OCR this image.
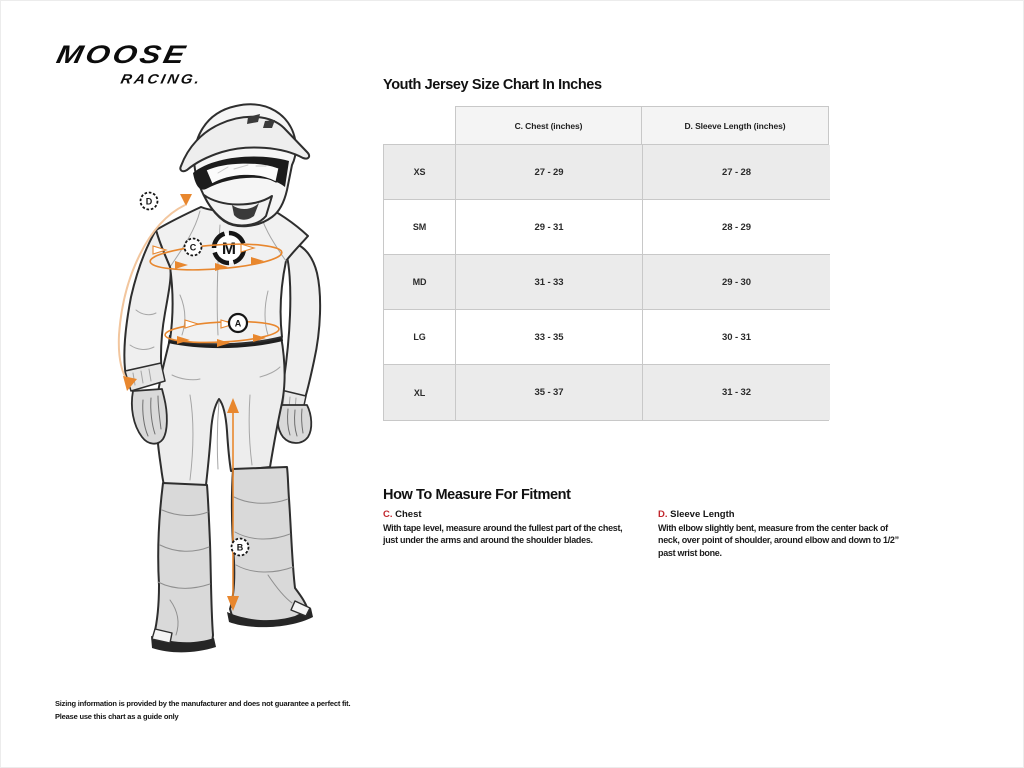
MOOSE
RACING.
M
D
C
A
B
Youth Jersey Size Chart In Inches
C. Chest (inches)	D. Sleeve Length (inches)
XS	27 - 29	27 - 28
SM	29 - 31	28 - 29
MD	31 - 33	29 - 30
LG	33 - 35	30 - 31
XL	35 - 37	31 - 32
How To Measure For Fitment
C. Chest
With tape level, measure around the fullest part of the chest,
just under the arms and around the shoulder blades.
D. Sleeve Length
With elbow slightly bent, measure from the center back of
neck, over point of shoulder, around elbow and down to 1/2”
past wrist bone.
Sizing information is provided by the manufacturer and does not guarantee a perfect fit.
Please use this chart as a guide only
